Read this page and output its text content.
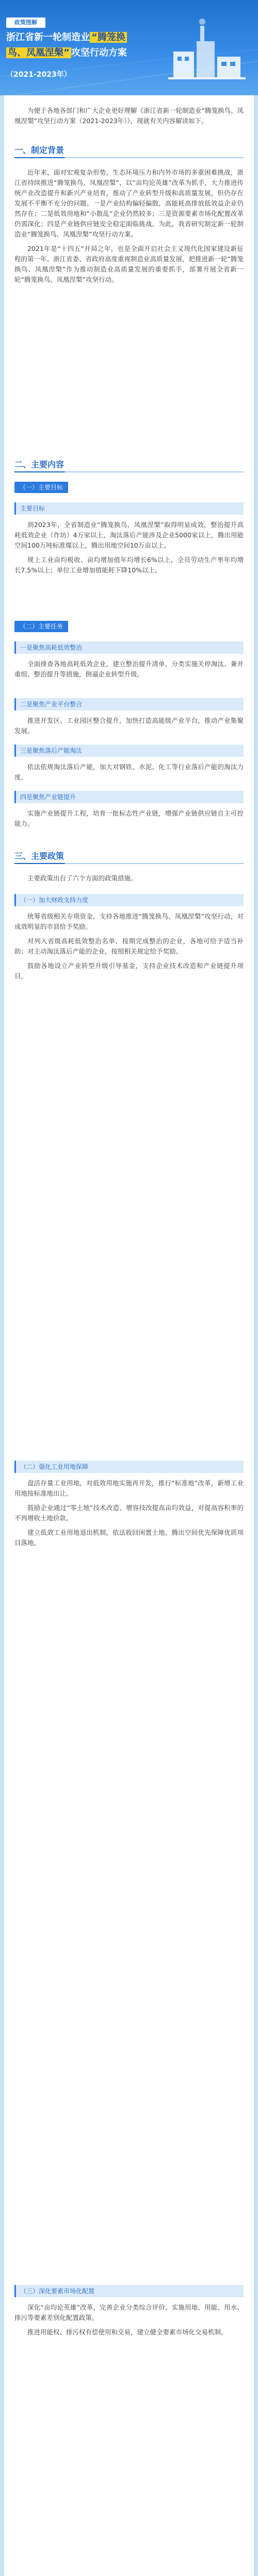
政策图解
浙江省新一轮制造业 “腾笼换
鸟、凤凰涅槃” 攻坚行动方案
（2021-2023年）

为便于各地各部门和广大企业更好理解《浙江省新一轮制造业“腾笼换鸟、凤凰涅槃”攻坚行动方案（2021-2023年）》，现就有关内容解读如下。

一、制定背景

近年来，面对宏观复杂形势，生态环境压力和内外市场的多重困难挑战，浙江省持续推进“腾笼换鸟、凤凰涅槃”，以“亩均论英雄”改革为抓手，大力推进传统产业改造提升和新兴产业培育，推动了产业转型升级和高质量发展，但仍存在发展不平衡不充分的问题。一是产业结构偏轻偏散，高能耗高排放低效益企业仍然存在；二是低效用地和“小散乱”企业仍然较多；三是资源要素市场化配置改革仍需深化；四是产业链供应链安全稳定面临挑战。为此，我省研究制定新一轮制造业“腾笼换鸟、凤凰涅槃”攻坚行动方案。

2021年是“十四五”开局之年，也是全面开启社会主义现代化国家建设新征程的第一年。浙江省委、省政府高度重视制造业高质量发展，把推进新一轮“腾笼换鸟、凤凰涅槃”作为推动制造业高质量发展的重要抓手，部署开展全省新一轮“腾笼换鸟、凤凰涅槃”攻坚行动。

二、主要内容
（一）主要目标
主要目标

到2023年，全省制造业“腾笼换鸟、凤凰涅槃”取得明显成效，整治提升高耗低效企业（作坊）4万家以上，淘汰落后产能涉及企业5000家以上，腾出用能空间100万吨标准煤以上，腾出用地空间10万亩以上。

规上工业亩均税收、亩均增加值年均增长6%以上，全员劳动生产率年均增长7.5%以上；单位工业增加值能耗下降10%以上。

（二）主要任务
一是聚焦高耗低效整治

全面排查各地高耗低效企业，建立整治提升清单，分类实施关停淘汰、兼并重组、整治提升等措施，倒逼企业转型升级。

二是聚焦产业平台整合

推进开发区、工业园区整合提升，加快打造高能级产业平台，推动产业集聚发展。

三是聚焦落后产能淘汰

依法依规淘汰落后产能，加大对钢铁、水泥、化工等行业落后产能的淘汰力度。

四是聚焦产业链提升

实施产业链提升工程，培育一批标志性产业链，增强产业链供应链自主可控能力。

三、主要政策

主要政策出台了六个方面的政策措施。

（一）加大财政支持力度

统筹省级相关专项资金，支持各地推进“腾笼换鸟、凤凰涅槃”攻坚行动，对成效明显的市县给予奖励。

对列入省级高耗低效整治名单、按期完成整治的企业，各地可给予适当补助；对主动淘汰落后产能的企业，按照相关规定给予奖励。

鼓励各地设立产业转型升级引导基金，支持企业技术改造和产业链提升项目。

（二）强化工业用地保障

盘活存量工业用地，对低效用地实施再开发，推行“标准地”改革，新增工业用地按标准地出让。

鼓励企业通过“零土地”技术改造、增容技改提高亩均效益，对提高容积率的不再增收土地价款。

建立低效工业用地退出机制，依法收回闲置土地，腾出空间优先保障优质项目落地。

（三）深化要素市场化配置

深化“亩均论英雄”改革，完善企业分类综合评价，实施用地、用能、用水、排污等要素差别化配置政策。

推进用能权、排污权有偿使用和交易，建立健全要素市场化交易机制。
